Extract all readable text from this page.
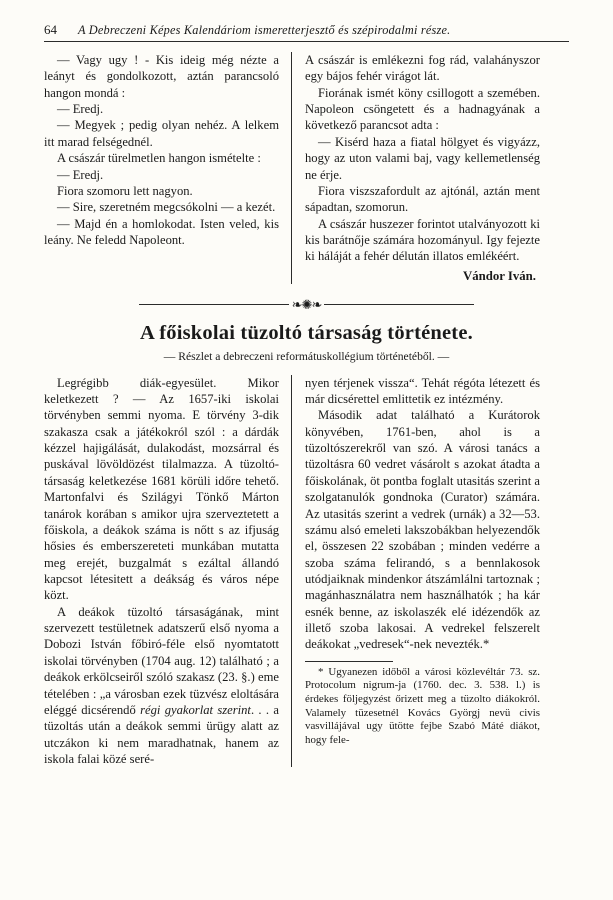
64	A Debreczeni Képes Kalendáriom ismeretterjesztő és szépirodalmi része.

— Vagy ugy ! - Kis ideig még nézte a leányt és gondolkozott, aztán parancsoló hangon mondá :

— Eredj.

— Megyek ; pedig olyan nehéz. A lelkem itt marad felségednél.

A császár türelmetlen hangon ismételte :

— Eredj.

Fiora szomoru lett nagyon.

— Sire, szeretném megcsókolni — a kezét.

— Majd én a homlokodat. Isten veled, kis leány. Ne feledd Napoleont.

A császár is emlékezni fog rád, valahányszor egy bájos fehér virágot lát.

Fiorának ismét köny csillogott a szemében. Napoleon csöngetett és a hadnagyának a következő parancsot adta :

— Kisérd haza a fiatal hölgyet és vigyázz, hogy az uton valami baj, vagy kellemetlenség ne érje.

Fiora viszszafordult az ajtónál, aztán ment sápadtan, szomorun.

A császár huszezer forintot utalványozott ki kis barátnője számára hozományul. Igy fejezte ki háláját a fehér délután illatos emlékéért.

Vándor Iván.
❧✺❧
A főiskolai tüzoltó társaság története.
— Részlet a debreczeni reformátuskollégium történetéből. —

Legrégibb diák-egyesület. Mikor keletkezett ? — Az 1657-iki iskolai törvényben semmi nyoma. E törvény 3-dik szakasza csak a játékokról szól : a dárdák kézzel hajigálását, dulakodást, mozsárral és puskával lövöldözést tilalmazza. A tüzoltó-társaság keletkezése 1681 körüli időre tehető. Martonfalvi és Szilágyi Tönkő Márton tanárok korában s amikor ujra szerveztetett a főiskola, a deákok száma is nőtt s az ifjuság hősies és emberszereteti munkában mutatta meg erejét, buzgalmát s ezáltal állandó kapcsot létesitett a deákság és város népe közt.

A deákok tüzoltó társaságának, mint szervezett testületnek adatszerű első nyoma a Dobozi István főbiró-féle első nyomtatott iskolai törvényben (1704 aug. 12) található ; a deákok erkölcseiről szóló szakasz (23. §.) eme tételében : „a városban ezek tüzvész eloltására eléggé dicsérendő régi gyakorlat szerint. . . a tüzoltás után a deákok semmi ürügy alatt az utczákon ki nem maradhatnak, hanem az iskola falai közé seré-

nyen térjenek vissza“. Tehát régóta létezett és már dicsérettel emlittetik ez intézmény.

Második adat található a Kurátorok könyvében, 1761-ben, ahol is a tüzoltószerekről van szó. A városi tanács a tüzoltásra 60 vedret vásárolt s azokat átadta a főiskolának, öt pontba foglalt utasitás szerint a szolgatanulók gondnoka (Curator) számára. Az utasitás szerint a vedrek (urnák) a 32—53. számu alsó emeleti lakszobákban helyezendők el, összesen 22 szobában ; minden vedérre a szoba száma felirandó, s a bennlakosok utódjaiknak mindenkor átszámlálni tartoznak ; magánhasználatra nem használhatók ; ha kár esnék benne, az iskolaszék elé idézendők az illető szoba lakosai. A vedrekel felszerelt deákokat „vedresek“-nek nevezték.*

* Ugyanezen időből a városi közlevéltár 73. sz. Protocolum nigrum-ja (1760. dec. 3. 538. l.) is érdekes följegyzést őrizett meg a tüzolto diákokról. Valamely tüzesetnél Kovács Györgj nevü civis vasvillájával ugy ütötte fejbe Szabó Máté diákot, hogy fele-
